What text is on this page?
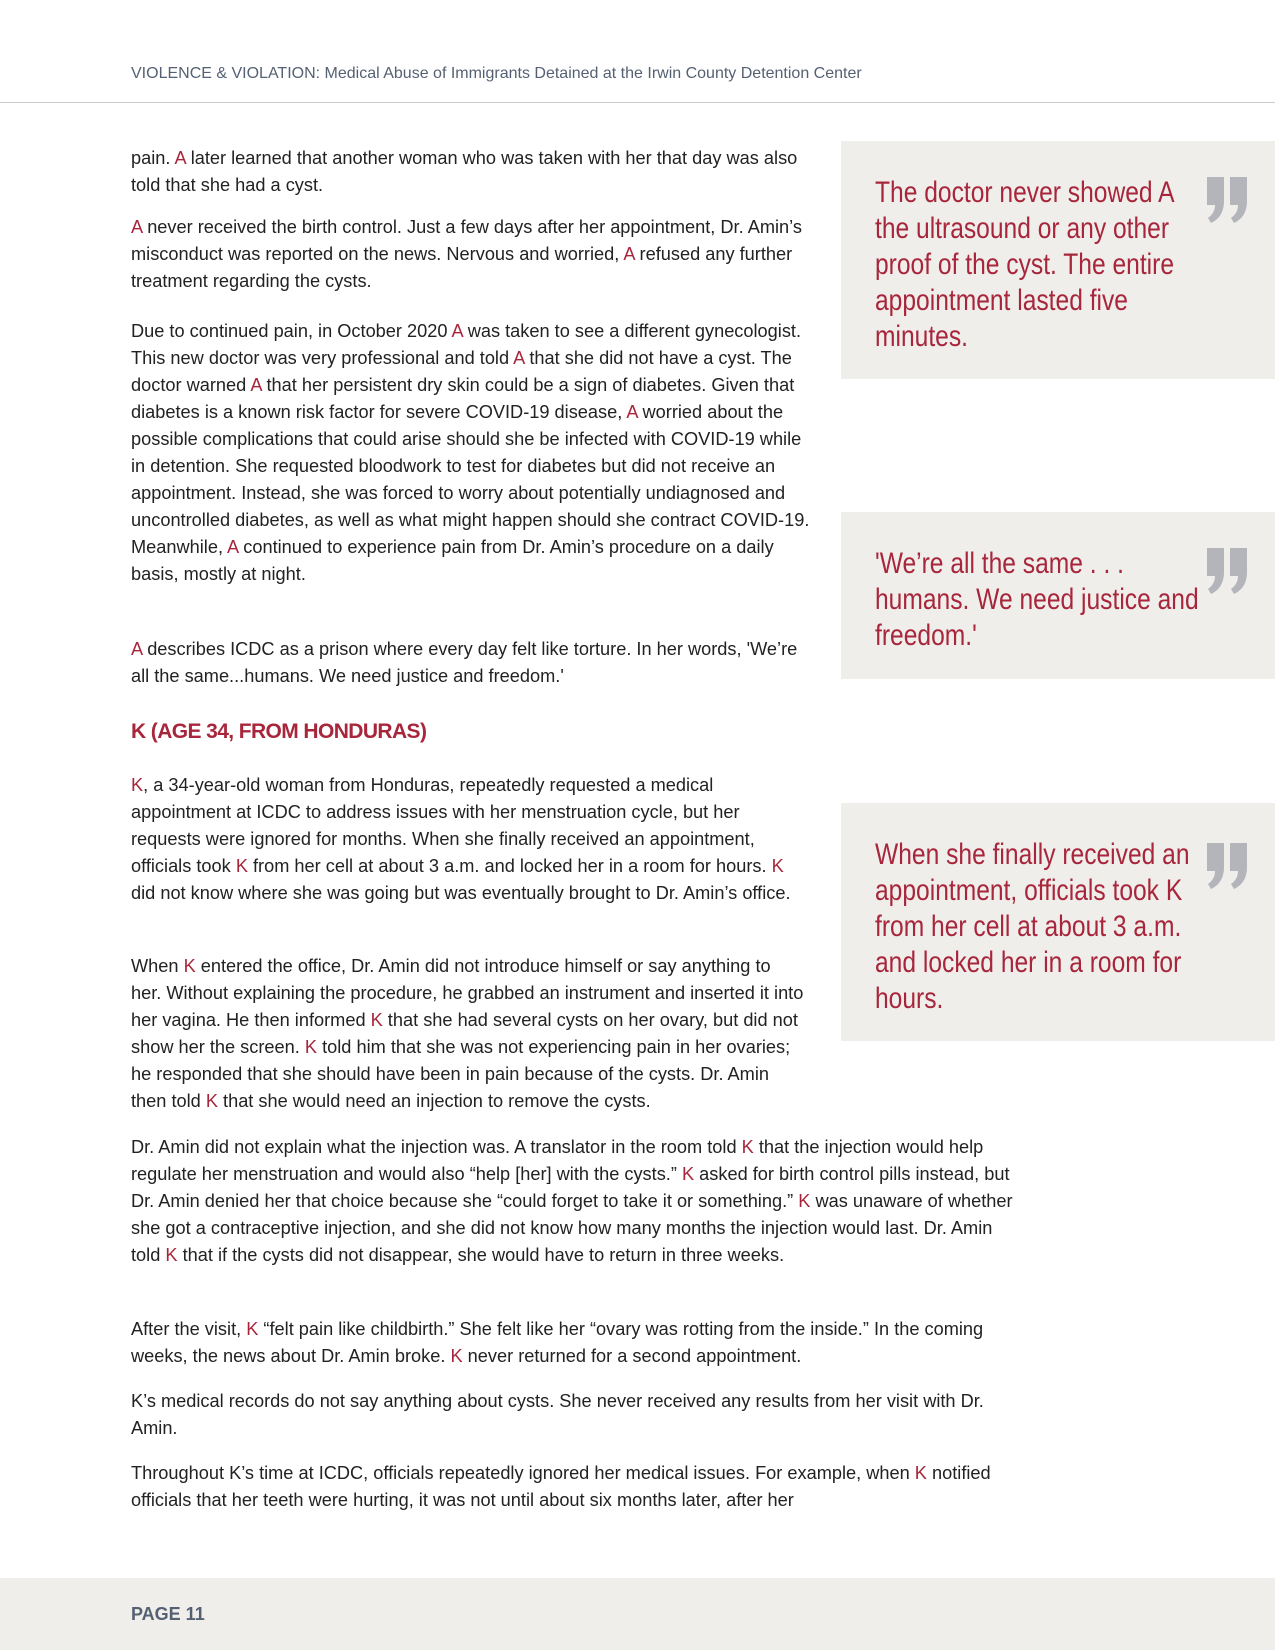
VIOLENCE & VIOLATION: Medical Abuse of Immigrants Detained at the Irwin County Detention Center

pain. A later learned that another woman who was taken with her that day was also told that she had a cyst.

A never received the birth control. Just a few days after her appointment, Dr. Amin’s misconduct was reported on the news. Nervous and worried, A refused any further treatment regarding the cysts.

Due to continued pain, in October 2020 A was taken to see a different gynecologist. This new doctor was very professional and told A that she did not have a cyst. The doctor warned A that her persistent dry skin could be a sign of diabetes. Given that diabetes is a known risk factor for severe COVID-19 disease, A worried about the possible complications that could arise should she be infected with COVID-19 while in detention. She requested bloodwork to test for diabetes but did not receive an appointment. Instead, she was forced to worry about potentially undiagnosed and uncontrolled diabetes, as well as what might happen should she contract COVID-19. Meanwhile, A continued to experience pain from Dr. Amin’s procedure on a daily basis, mostly at night.

A describes ICDC as a prison where every day felt like torture. In her words, 'We’re all the same...humans. We need justice and freedom.'

K (AGE 34, FROM HONDURAS)

K, a 34-year-old woman from Honduras, repeatedly requested a medical appointment at ICDC to address issues with her menstruation cycle, but her requests were ignored for months. When she finally received an appointment, officials took K from her cell at about 3 a.m. and locked her in a room for hours. K did not know where she was going but was eventually brought to Dr. Amin’s office.

When K entered the office, Dr. Amin did not introduce himself or say anything to her. Without explaining the procedure, he grabbed an instrument and inserted it into her vagina. He then informed K that she had several cysts on her ovary, but did not show her the screen. K told him that she was not experiencing pain in her ovaries; he responded that she should have been in pain because of the cysts. Dr. Amin then told K that she would need an injection to remove the cysts.

Dr. Amin did not explain what the injection was. A translator in the room told K that the injection would help regulate her menstruation and would also “help [her] with the cysts.” K asked for birth control pills instead, but Dr. Amin denied her that choice because she “could forget to take it or something.” K was unaware of whether she got a contraceptive injection, and she did not know how many months the injection would last. Dr. Amin told K that if the cysts did not disappear, she would have to return in three weeks.

After the visit, K “felt pain like childbirth.” She felt like her “ovary was rotting from the inside.” In the coming weeks, the news about Dr. Amin broke. K never returned for a second appointment.

K’s medical records do not say anything about cysts. She never received any results from her visit with Dr. Amin.

Throughout K’s time at ICDC, officials repeatedly ignored her medical issues. For example, when K notified officials that her teeth were hurting, it was not until about six months later, after her

The doctor never showed A the ultrasound or any other proof of the cyst. The entire appointment lasted five minutes.
'We’re all the same . . . humans. We need justice and freedom.'
When she finally received an appointment, officials took K from her cell at about 3 a.m. and locked her in a room for hours.
PAGE 11
